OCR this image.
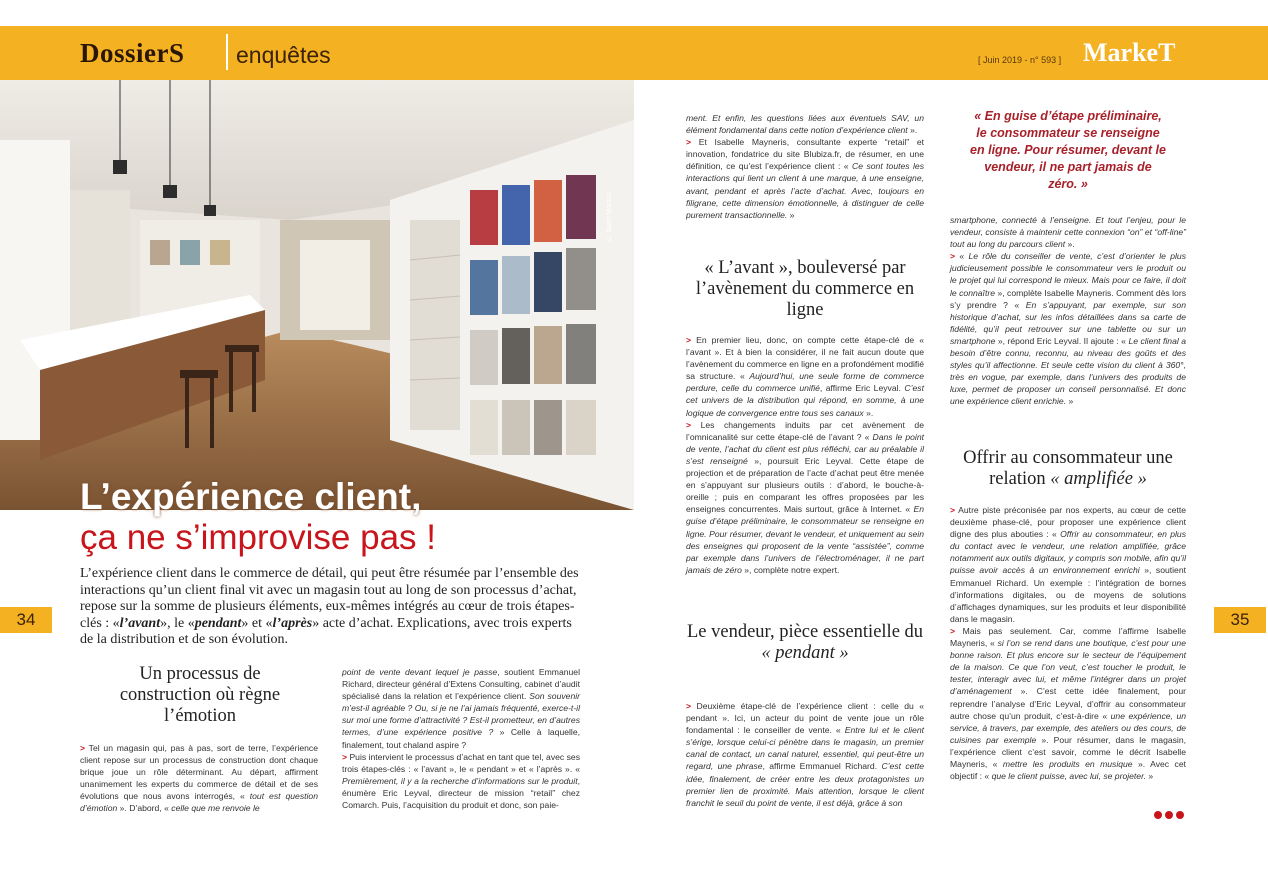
DossierS enquêtes	[ Juin 2019 - n° 593 ] MarkeT
© Saint Maclou
L’expérience client,
ça ne s’improvise pas !

L’expérience client dans le commerce de détail, qui peut être résumée par l’ensemble des interactions qu’un client final vit avec un magasin tout au long de son processus d’achat, repose sur la somme de plusieurs éléments, eux-mêmes intégrés au cœur de trois étapes-clés : «l’avant», le «pendant» et «l’après» acte d’achat. Explications, avec trois experts de la distribution et de son évolution.

34	35
Un processus de construction où règne l’émotion

> Tel un magasin qui, pas à pas, sort de terre, l’expérience client repose sur un processus de construction dont chaque brique joue un rôle déterminant. Au départ, affirment unanimement les experts du commerce de détail et de ses évolutions que nous avons interrogés, « tout est question d’émotion ». D’abord, « celle que me renvoie le

point de vente devant lequel je passe, soutient Emmanuel Richard, directeur général d’Extens Consulting, cabinet d’audit spécialisé dans la relation et l’expérience client. Son souvenir m’est-il agréable ? Ou, si je ne l’ai jamais fréquenté, exerce-t-il sur moi une forme d’attractivité ? Est-il prometteur, en d’autres termes, d’une expérience positive ? » Celle à laquelle, finalement, tout chaland aspire ?

> Puis intervient le processus d’achat en tant que tel, avec ses trois étapes-clés : « l’avant », le « pendant » et « l’après ». « Premièrement, il y a la recherche d’informations sur le produit, énumère Eric Leyval, directeur de mission “retail” chez Comarch. Puis, l’acquisition du produit et donc, son paie-

ment. Et enfin, les questions liées aux éventuels SAV, un élément fondamental dans cette notion d’expérience client ».

> Et Isabelle Mayneris, consultante experte “retail” et innovation, fondatrice du site Blubiza.fr, de résumer, en une définition, ce qu’est l’expérience client : « Ce sont toutes les interactions qui lient un client à une marque, à une enseigne, avant, pendant et après l’acte d’achat. Avec, toujours en filigrane, cette dimension émotionnelle, à distinguer de celle purement transactionnelle. »

« L’avant », bouleversé par l’avènement du commerce en ligne

> En premier lieu, donc, on compte cette étape-clé de « l’avant ». Et à bien la considérer, il ne fait aucun doute que l’avènement du commerce en ligne en a profondément modifié sa structure. « Aujourd’hui, une seule forme de commerce perdure, celle du commerce unifié, affirme Eric Leyval. C’est cet univers de la distribution qui répond, en somme, à une logique de convergence entre tous ses canaux ».

> Les changements induits par cet avènement de l’omnicanalité sur cette étape-clé de l’avant ? « Dans le point de vente, l’achat du client est plus réfléchi, car au préalable il s’est renseigné », poursuit Eric Leyval. Cette étape de projection et de préparation de l’acte d’achat peut être menée en s’appuyant sur plusieurs outils : d’abord, le bouche-à-oreille ; puis en comparant les offres proposées par les enseignes concurrentes. Mais surtout, grâce à Internet. « En guise d’étape préliminaire, le consommateur se renseigne en ligne. Pour résumer, devant le vendeur, et uniquement au sein des enseignes qui proposent de la vente “assistée”, comme par exemple dans l’univers de l’électroménager, il ne part jamais de zéro », complète notre expert.

Le vendeur, pièce essentielle du
« pendant »

> Deuxième étape-clé de l’expérience client : celle du « pendant ». Ici, un acteur du point de vente joue un rôle fondamental : le conseiller de vente. « Entre lui et le client s’érige, lorsque celui-ci pénètre dans le magasin, un premier canal de contact, un canal naturel, essentiel, qui peut-être un regard, une phrase, affirme Emmanuel Richard. C’est cette idée, finalement, de créer entre les deux protagonistes un premier lien de proximité. Mais attention, lorsque le client franchit le seuil du point de vente, il est déjà, grâce à son

« En guise d’étape préliminaire, le consommateur se renseigne en ligne. Pour résumer, devant le vendeur, il ne part jamais de zéro. »

smartphone, connecté à l’enseigne. Et tout l’enjeu, pour le vendeur, consiste à maintenir cette connexion “on” et “off-line” tout au long du parcours client ».

> « Le rôle du conseiller de vente, c’est d’orienter le plus judicieusement possible le consommateur vers le produit ou le projet qui lui correspond le mieux. Mais pour ce faire, il doit le connaître », complète Isabelle Mayneris. Comment dès lors s’y prendre ? « En s’appuyant, par exemple, sur son historique d’achat, sur les infos détaillées dans sa carte de fidélité, qu’il peut retrouver sur une tablette ou sur un smartphone », répond Eric Leyval. Il ajoute : « Le client final a besoin d’être connu, reconnu, au niveau des goûts et des styles qu’il affectionne. Et seule cette vision du client à 360°, très en vogue, par exemple, dans l’univers des produits de luxe, permet de proposer un conseil personnalisé. Et donc une expérience client enrichie. »

Offrir au consommateur une relation « amplifiée »

> Autre piste préconisée par nos experts, au cœur de cette deuxième phase-clé, pour proposer une expérience client digne des plus abouties : « Offrir au consommateur, en plus du contact avec le vendeur, une relation amplifiée, grâce notamment aux outils digitaux, y compris son mobile, afin qu’il puisse avoir accès à un environnement enrichi », soutient Emmanuel Richard. Un exemple : l’intégration de bornes d’informations digitales, ou de moyens de solutions d’affichages dynamiques, sur les produits et leur disponibilité dans le magasin.

> Mais pas seulement. Car, comme l’affirme Isabelle Mayneris, « si l’on se rend dans une boutique, c’est pour une bonne raison. Et plus encore sur le secteur de l’équipement de la maison. Ce que l’on veut, c’est toucher le produit, le tester, interagir avec lui, et même l’intégrer dans un projet d’aménagement ». C’est cette idée finalement, pour reprendre l’analyse d’Eric Leyval, d’offrir au consommateur autre chose qu’un produit, c’est-à-dire « une expérience, un service, à travers, par exemple, des ateliers ou des cours, de cuisines par exemple ». Pour résumer, dans le magasin, l’expérience client c’est savoir, comme le décrit Isabelle Mayneris, « mettre les produits en musique ». Avec cet objectif : « que le client puisse, avec lui, se projeter. »
